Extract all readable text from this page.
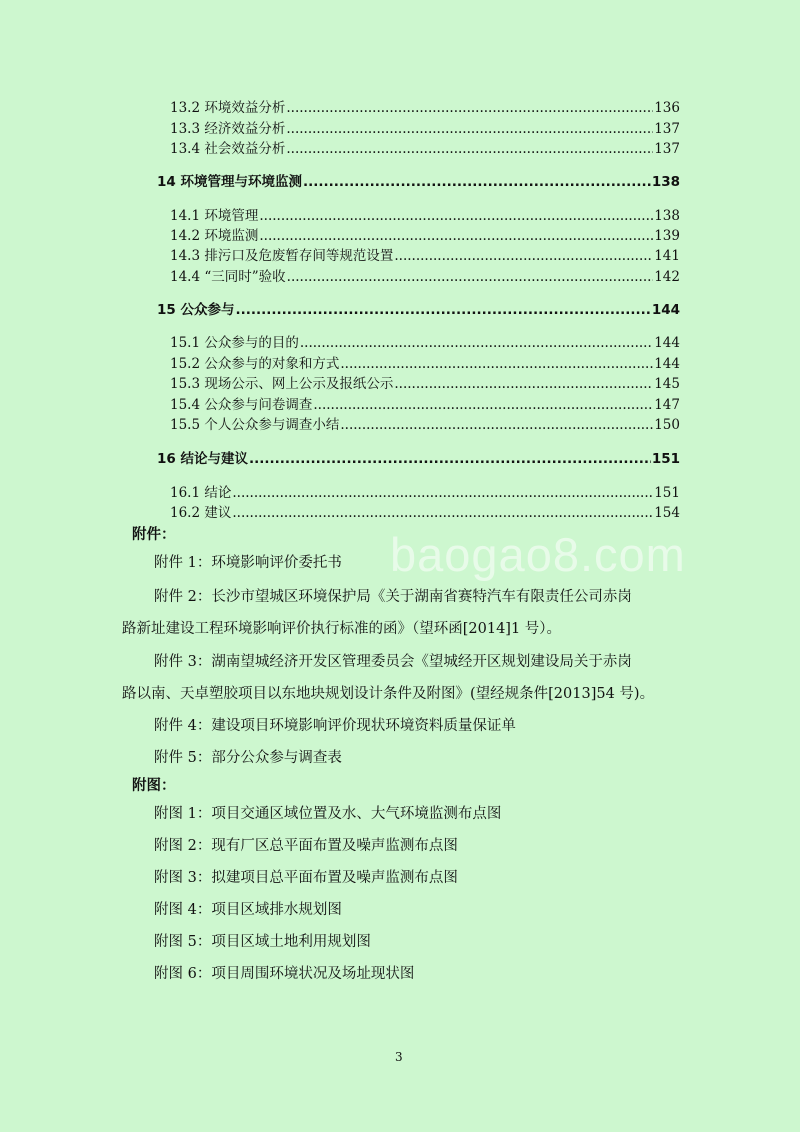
13.2 环境效益分析 .....	136
13.3 经济效益分析 .....	137
13.4 社会效益分析 .....	137
14 环境管理与环境监测 .....	138
14.1 环境管理 .....	138
14.2 环境监测 .....	139
14.3 排污口及危废暂存间等规范设置 .....	141
14.4 “三同时”验收 .....	142
15 公众参与 .....	144
15.1 公众参与的目的 .....	144
15.2 公众参与的对象和方式 .....	144
15.3 现场公示、网上公示及报纸公示 .....	145
15.4 公众参与问卷调查 .....	147
15.5 个人公众参与调查小结 .....	150
16 结论与建议 .....	151
16.1 结论 .....	151
16.2 建议 .....	154
附件：
附件 1：环境影响评价委托书
附件 2：长沙市望城区环境保护局《关于湖南省赛特汽车有限责任公司赤岗
路新址建设工程环境影响评价执行标准的函》（望环函[2014]1 号）。
附件 3：湖南望城经济开发区管理委员会《望城经开区规划建设局关于赤岗
路以南、天卓塑胶项目以东地块规划设计条件及附图》(望经规条件[2013]54 号)。
附件 4：建设项目环境影响评价现状环境资料质量保证单
附件 5：部分公众参与调查表
附图：
附图 1：项目交通区域位置及水、大气环境监测布点图
附图 2：现有厂区总平面布置及噪声监测布点图
附图 3：拟建项目总平面布置及噪声监测布点图
附图 4：项目区域排水规划图
附图 5：项目区域土地利用规划图
附图 6：项目周围环境状况及场址现状图
baogao8.com
3
